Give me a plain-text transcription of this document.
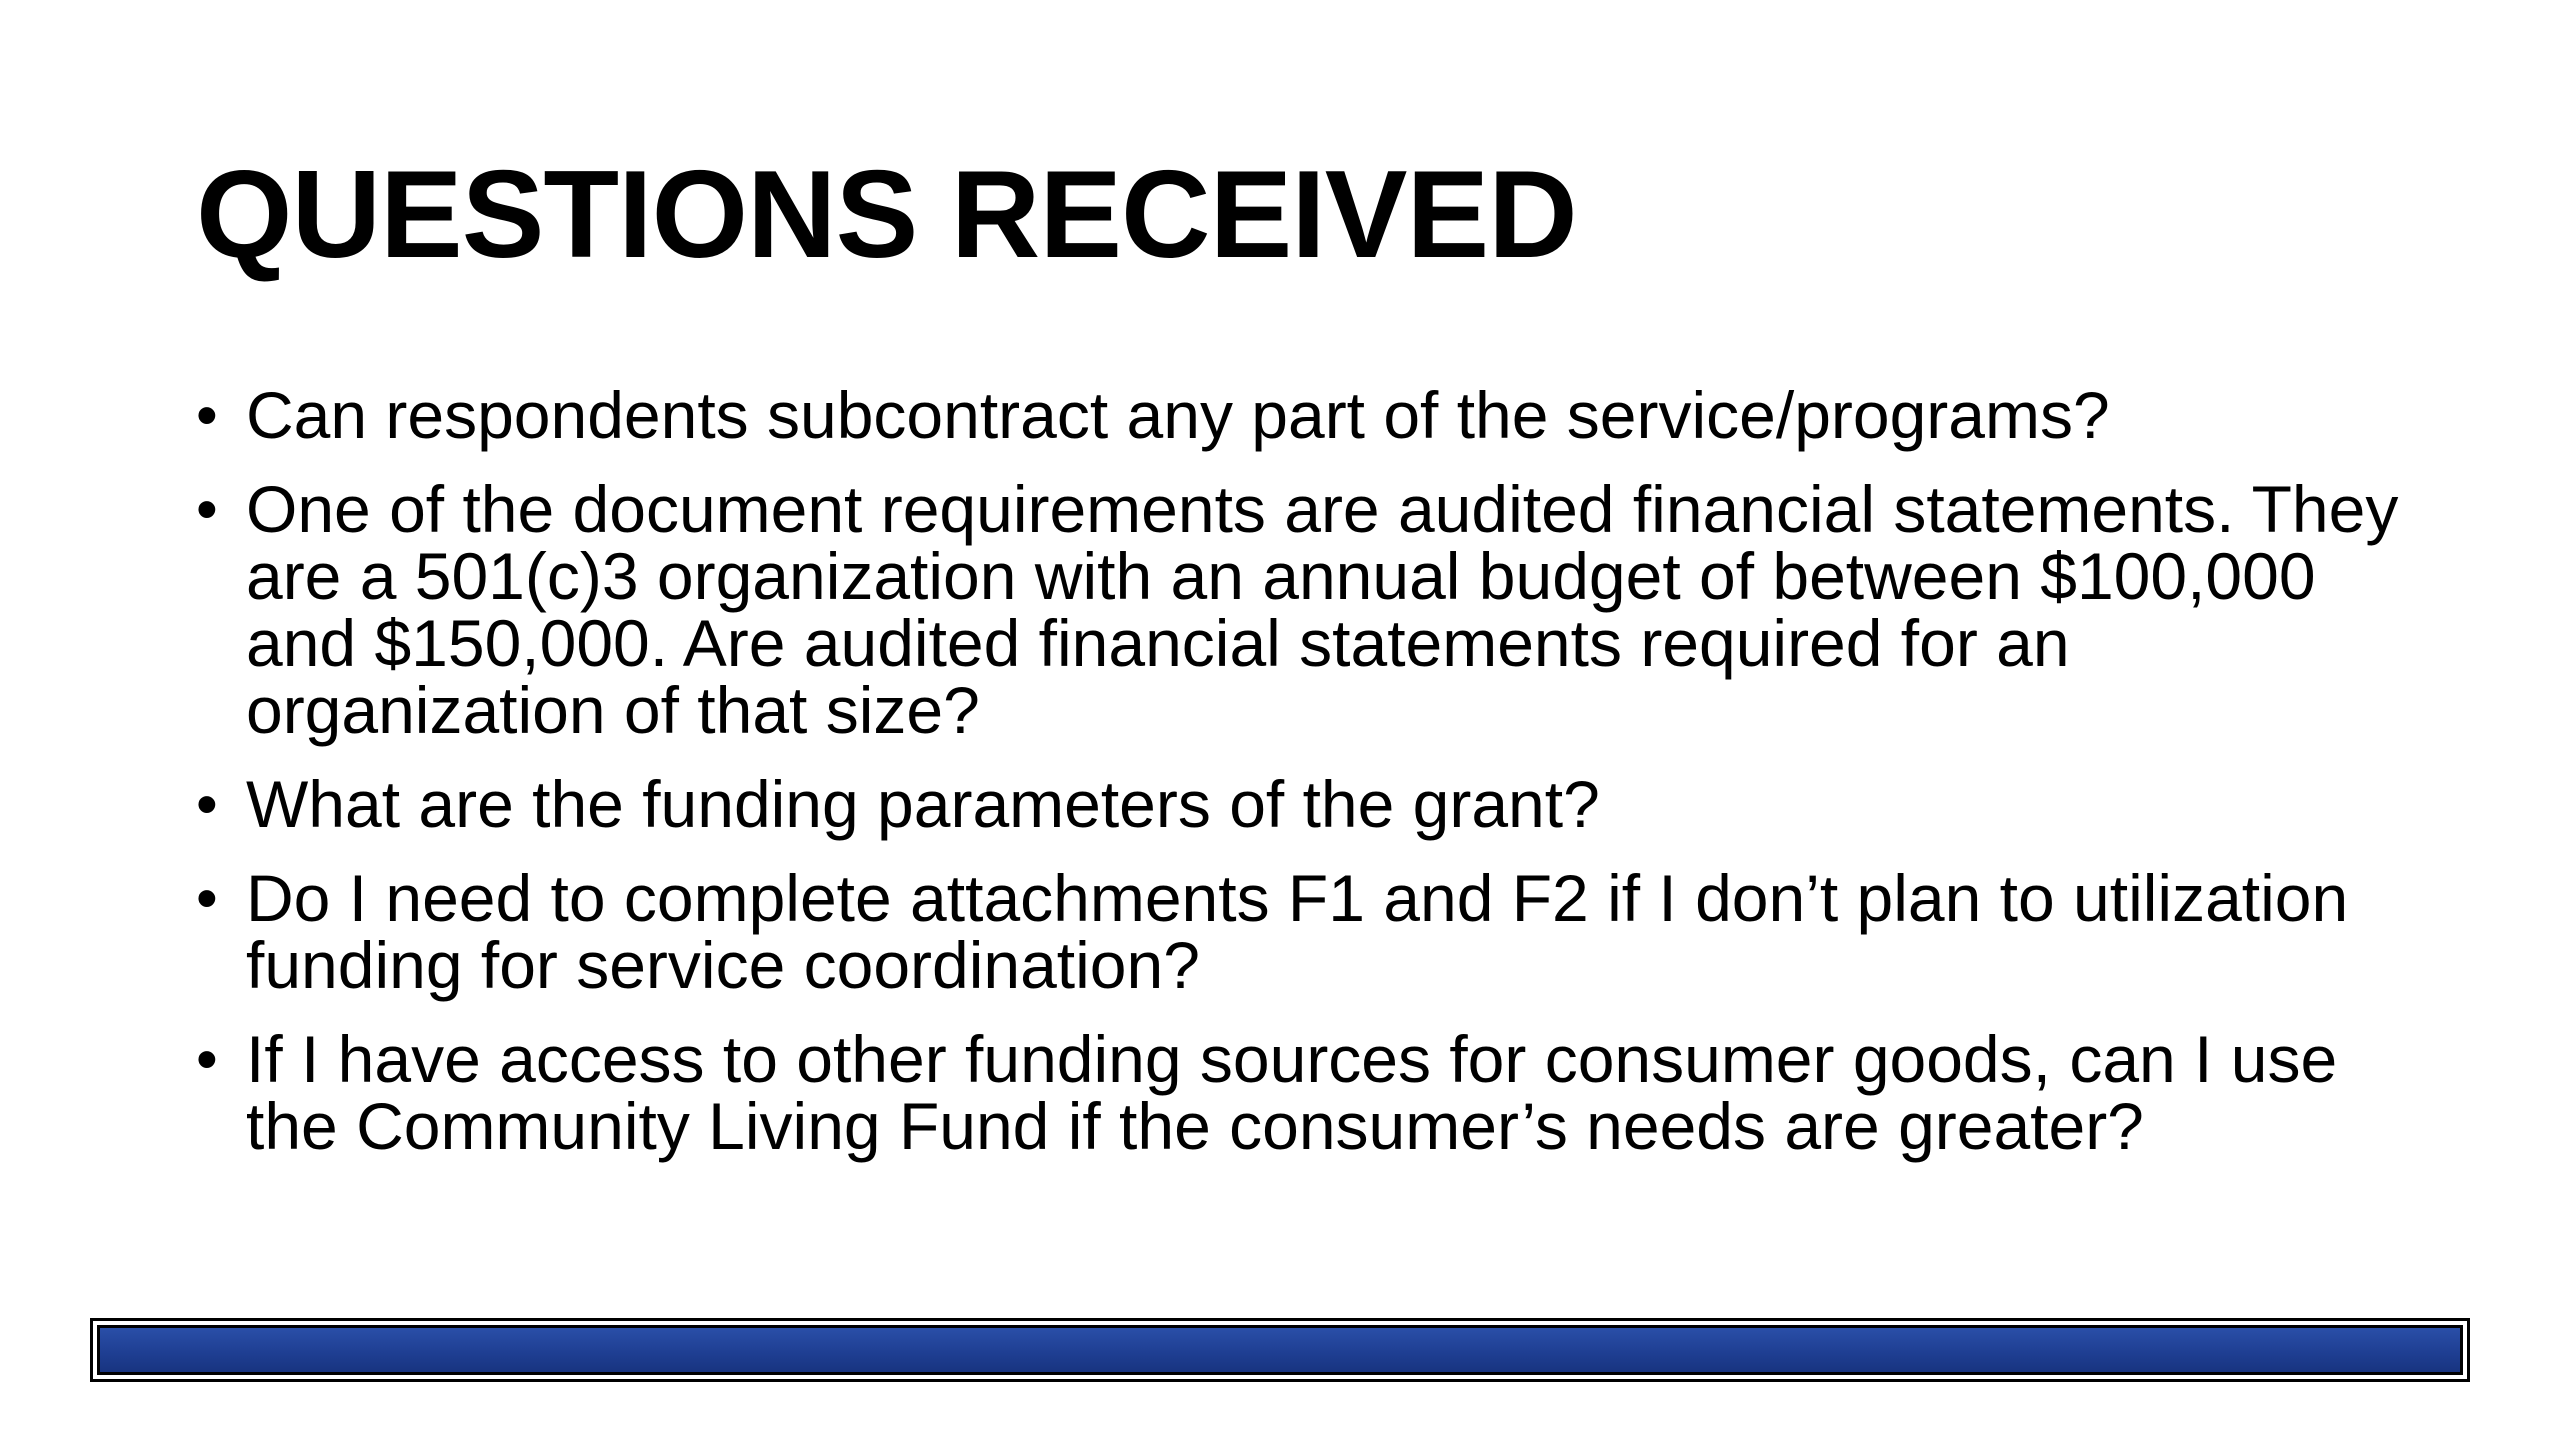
QUESTIONS RECEIVED
• Can respondents subcontract any part of the service/programs?
• One of the document requirements are audited financial statements. They are a 501(c)3 organization with an annual budget of between $100,000 and $150,000. Are audited financial statements required for an organization of that size?
• What are the funding parameters of the grant?
• Do I need to complete attachments F1 and F2 if I don’t plan to utilization funding for service coordination?
• If I have access to other funding sources for consumer goods, can I use the Community Living Fund if the consumer’s needs are greater?
